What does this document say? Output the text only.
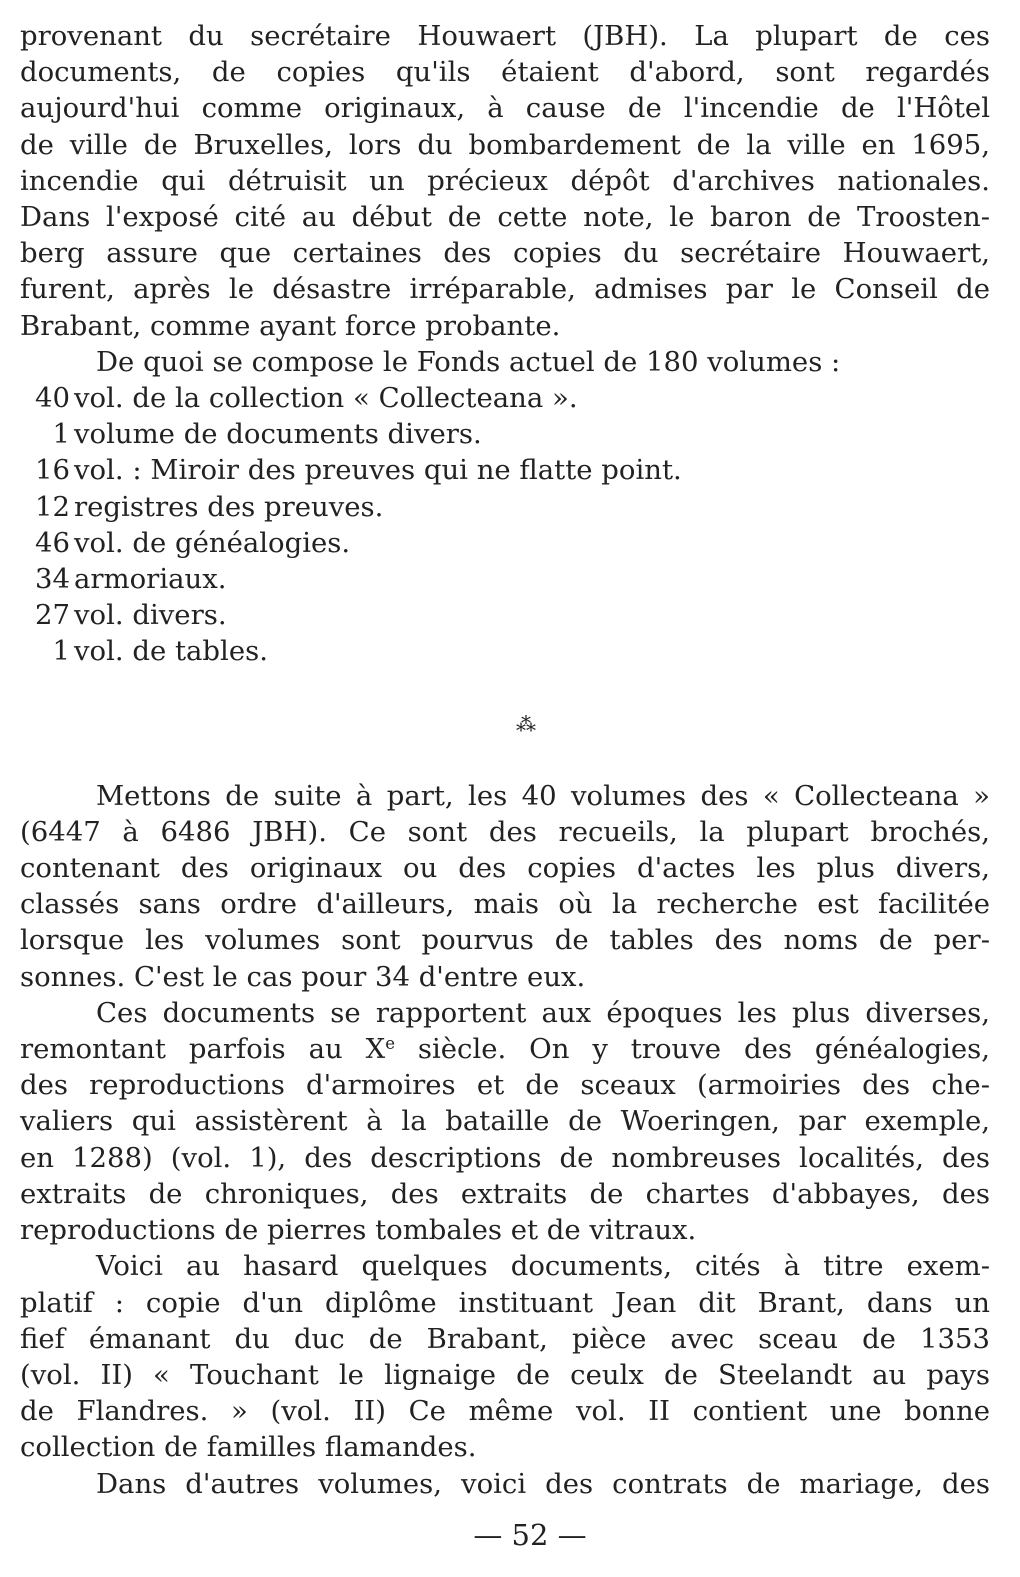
provenant du secrétaire Houwaert (JBH). La plupart de ces
documents, de copies qu'ils étaient d'abord, sont regardés
aujourd'hui comme originaux, à cause de l'incendie de l'Hôtel
de ville de Bruxelles, lors du bombardement de la ville en 1695,
incendie qui détruisit un précieux dépôt d'archives nationales.
Dans l'exposé cité au début de cette note, le baron de Troosten-
berg assure que certaines des copies du secrétaire Houwaert,
furent, après le désastre irréparable, admises par le Conseil de
Brabant, comme ayant force probante.
De quoi se compose le Fonds actuel de 180 volumes :
40 vol. de la collection « Collecteana ».
1 volume de documents divers.
16 vol. : Miroir des preuves qui ne flatte point.
12 registres des preuves.
46 vol. de généalogies.
34 armoriaux.
27 vol. divers.
1 vol. de tables.
⁂
Mettons de suite à part, les 40 volumes des « Collecteana »
(6447 à 6486 JBH). Ce sont des recueils, la plupart brochés,
contenant des originaux ou des copies d'actes les plus divers,
classés sans ordre d'ailleurs, mais où la recherche est facilitée
lorsque les volumes sont pourvus de tables des noms de per-
sonnes. C'est le cas pour 34 d'entre eux.
Ces documents se rapportent aux époques les plus diverses,
remontant parfois au Xe siècle. On y trouve des généalogies,
des reproductions d'armoires et de sceaux (armoiries des che-
valiers qui assistèrent à la bataille de Woeringen, par exemple,
en 1288) (vol. 1), des descriptions de nombreuses localités, des
extraits de chroniques, des extraits de chartes d'abbayes, des
reproductions de pierres tombales et de vitraux.
Voici au hasard quelques documents, cités à titre exem-
platif : copie d'un diplôme instituant Jean dit Brant, dans un
fief émanant du duc de Brabant, pièce avec sceau de 1353
(vol. II) « Touchant le lignaige de ceulx de Steelandt au pays
de Flandres. » (vol. II) Ce même vol. II contient une bonne
collection de familles flamandes.
Dans d'autres volumes, voici des contrats de mariage, des
— 52 —
